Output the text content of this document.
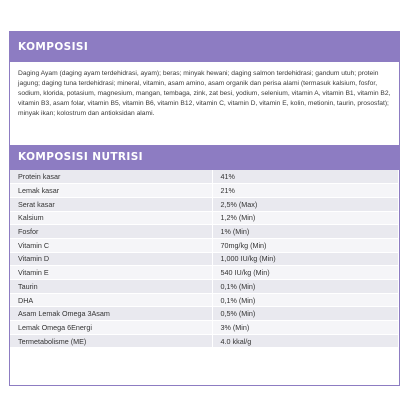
KOMPOSISI
Daging Ayam (daging ayam terdehidrasi, ayam); beras; minyak hewani; daging salmon terdehidrasi; gandum utuh; protein jagung; daging tuna terdehidrasi; mineral, vitamin, asam amino, asam organik dan perisa alami (termasuk kalsium, fosfor, sodium, klorida, potasium, magnesium, mangan, tembaga, zink, zat besi, yodium, selenium, vitamin A, vitamin B1, vitamin B2, vitamin B3, asam folar, vitamin B5, vitamin B6, vitamin B12, vitamin C, vitamin D, vitamin E, kolin, metionin, taurin, prososfat); minyak ikan; kolostrum dan antioksidan alami.
KOMPOSISI NUTRISI
Protein kasar	41%
Lemak kasar	21%
Serat kasar	2,5% (Max)
Kalsium	1,2% (Min)
Fosfor	1% (Min)
Vitamin C	70mg/kg (Min)
Vitamin D	1,000 IU/kg (Min)
Vitamin E	540 IU/kg (Min)
Taurin	0,1% (Min)
DHA	0,1% (Min)
Asam Lemak Omega 3Asam	0,5% (Min)
Lemak Omega 6Energi	3% (Min)
Termetabolisme (ME)	4.0 kkal/g
